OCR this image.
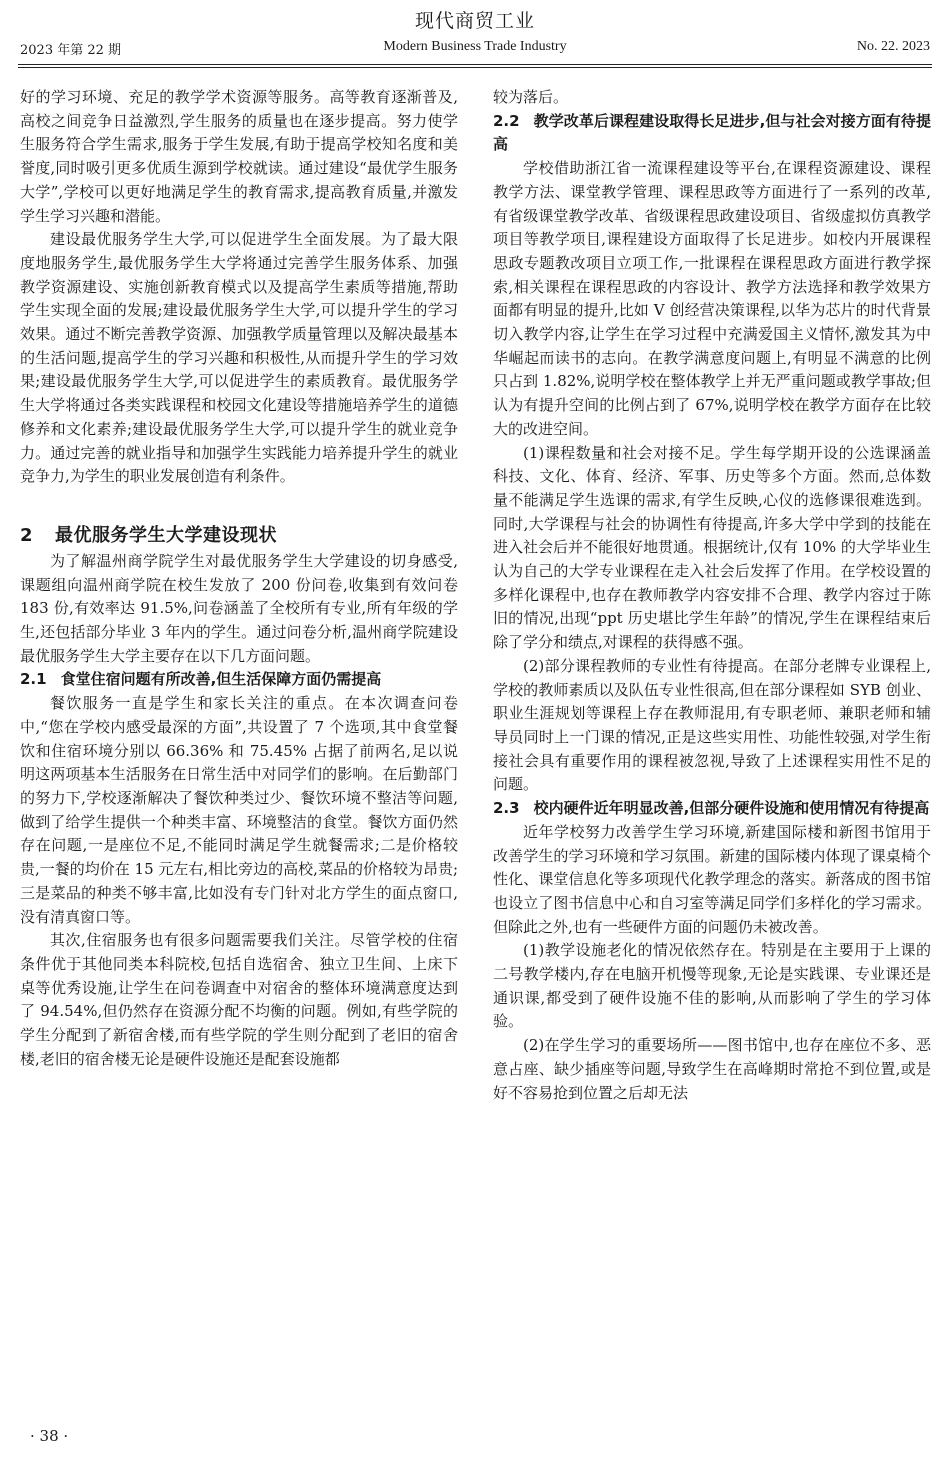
现代商贸工业
2023 年第 22 期	Modern Business Trade Industry	No. 22. 2023

好的学习环境、充足的教学学术资源等服务。高等教育逐渐普及,高校之间竞争日益激烈,学生服务的质量也在逐步提高。努力使学生服务符合学生需求,服务于学生发展,有助于提高学校知名度和美誉度,同时吸引更多优质生源到学校就读。通过建设“最优学生服务大学”,学校可以更好地满足学生的教育需求,提高教育质量,并激发学生学习兴趣和潜能。

建设最优服务学生大学,可以促进学生全面发展。为了最大限度地服务学生,最优服务学生大学将通过完善学生服务体系、加强教学资源建设、实施创新教育模式以及提高学生素质等措施,帮助学生实现全面的发展;建设最优服务学生大学,可以提升学生的学习效果。通过不断完善教学资源、加强教学质量管理以及解决最基本的生活问题,提高学生的学习兴趣和积极性,从而提升学生的学习效果;建设最优服务学生大学,可以促进学生的素质教育。最优服务学生大学将通过各类实践课程和校园文化建设等措施培养学生的道德修养和文化素养;建设最优服务学生大学,可以提升学生的就业竞争力。通过完善的就业指导和加强学生实践能力培养提升学生的就业竞争力,为学生的职业发展创造有利条件。

2 最优服务学生大学建设现状

为了解温州商学院学生对最优服务学生大学建设的切身感受,课题组向温州商学院在校生发放了 200 份问卷,收集到有效问卷 183 份,有效率达 91.5%,问卷涵盖了全校所有专业,所有年级的学生,还包括部分毕业 3 年内的学生。通过问卷分析,温州商学院建设最优服务学生大学主要存在以下几方面问题。

2.1 食堂住宿问题有所改善,但生活保障方面仍需提高

餐饮服务一直是学生和家长关注的重点。在本次调查问卷中,“您在学校内感受最深的方面”,共设置了 7 个选项,其中食堂餐饮和住宿环境分别以 66.36% 和 75.45% 占据了前两名,足以说明这两项基本生活服务在日常生活中对同学们的影响。在后勤部门的努力下,学校逐渐解决了餐饮种类过少、餐饮环境不整洁等问题,做到了给学生提供一个种类丰富、环境整洁的食堂。餐饮方面仍然存在问题,一是座位不足,不能同时满足学生就餐需求;二是价格较贵,一餐的均价在 15 元左右,相比旁边的高校,菜品的价格较为昂贵;三是菜品的种类不够丰富,比如没有专门针对北方学生的面点窗口,没有清真窗口等。

其次,住宿服务也有很多问题需要我们关注。尽管学校的住宿条件优于其他同类本科院校,包括自选宿舍、独立卫生间、上床下桌等优秀设施,让学生在问卷调查中对宿舍的整体环境满意度达到了 94.54%,但仍然存在资源分配不均衡的问题。例如,有些学院的学生分配到了新宿舍楼,而有些学院的学生则分配到了老旧的宿舍楼,老旧的宿舍楼无论是硬件设施还是配套设施都

较为落后。

2.2 教学改革后课程建设取得长足进步,但与社会对接方面有待提高

学校借助浙江省一流课程建设等平台,在课程资源建设、课程教学方法、课堂教学管理、课程思政等方面进行了一系列的改革,有省级课堂教学改革、省级课程思政建设项目、省级虚拟仿真教学项目等教学项目,课程建设方面取得了长足进步。如校内开展课程思政专题教改项目立项工作,一批课程在课程思政方面进行教学探索,相关课程在课程思政的内容设计、教学方法选择和教学效果方面都有明显的提升,比如 V 创经营决策课程,以华为芯片的时代背景切入教学内容,让学生在学习过程中充满爱国主义情怀,激发其为中华崛起而读书的志向。在教学满意度问题上,有明显不满意的比例只占到 1.82%,说明学校在整体教学上并无严重问题或教学事故;但认为有提升空间的比例占到了 67%,说明学校在教学方面存在比较大的改进空间。

(1)课程数量和社会对接不足。学生每学期开设的公选课涵盖科技、文化、体育、经济、军事、历史等多个方面。然而,总体数量不能满足学生选课的需求,有学生反映,心仪的选修课很难选到。同时,大学课程与社会的协调性有待提高,许多大学中学到的技能在进入社会后并不能很好地贯通。根据统计,仅有 10% 的大学毕业生认为自己的大学专业课程在走入社会后发挥了作用。在学校设置的多样化课程中,也存在教师教学内容安排不合理、教学内容过于陈旧的情况,出现“ppt 历史堪比学生年龄”的情况,学生在课程结束后除了学分和绩点,对课程的获得感不强。

(2)部分课程教师的专业性有待提高。在部分老牌专业课程上,学校的教师素质以及队伍专业性很高,但在部分课程如 SYB 创业、职业生涯规划等课程上存在教师混用,有专职老师、兼职老师和辅导员同时上一门课的情况,正是这些实用性、功能性较强,对学生衔接社会具有重要作用的课程被忽视,导致了上述课程实用性不足的问题。

2.3 校内硬件近年明显改善,但部分硬件设施和使用情况有待提高

近年学校努力改善学生学习环境,新建国际楼和新图书馆用于改善学生的学习环境和学习氛围。新建的国际楼内体现了课桌椅个性化、课堂信息化等多项现代化教学理念的落实。新落成的图书馆也设立了图书信息中心和自习室等满足同学们多样化的学习需求。但除此之外,也有一些硬件方面的问题仍未被改善。

(1)教学设施老化的情况依然存在。特别是在主要用于上课的二号教学楼内,存在电脑开机慢等现象,无论是实践课、专业课还是通识课,都受到了硬件设施不佳的影响,从而影响了学生的学习体验。

(2)在学生学习的重要场所——图书馆中,也存在座位不多、恶意占座、缺少插座等问题,导致学生在高峰期时常抢不到位置,或是好不容易抢到位置之后却无法

· 38 ·
